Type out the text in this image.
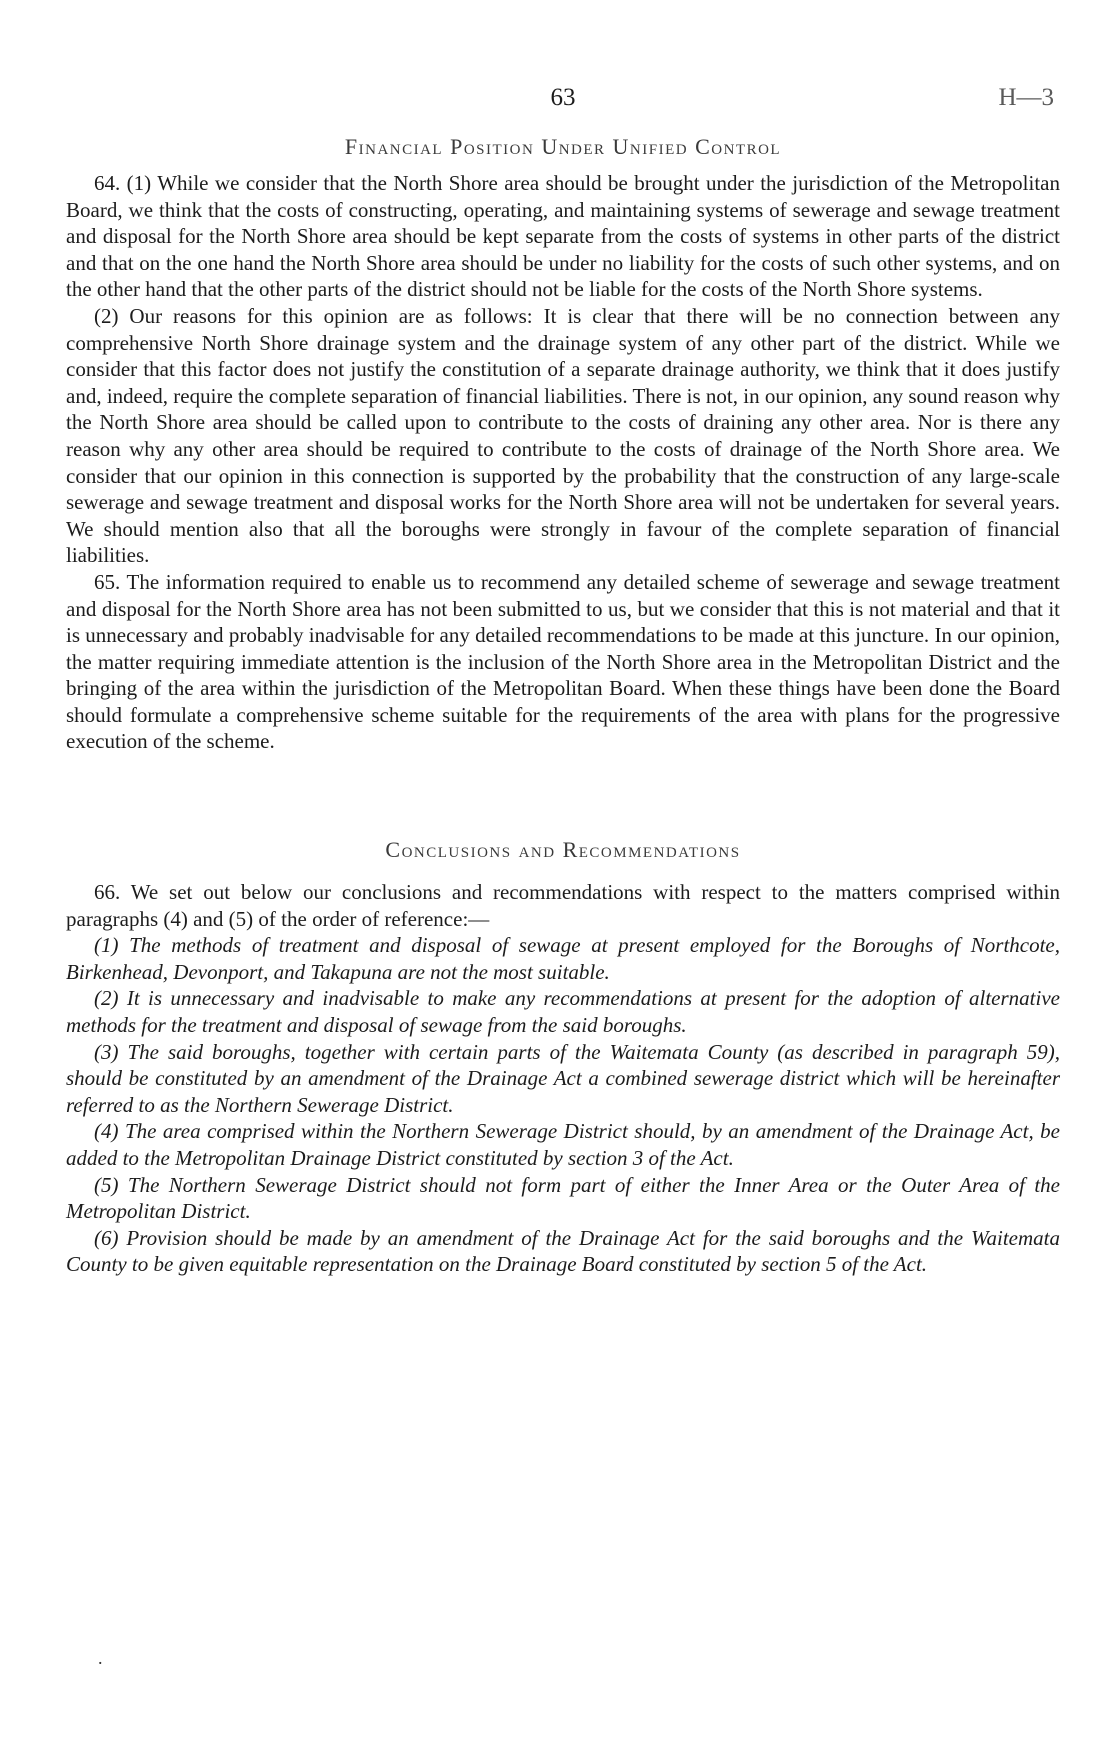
63	H—3
Financial Position Under Unified Control

64. (1) While we consider that the North Shore area should be brought under the jurisdiction of the Metropolitan Board, we think that the costs of constructing, operating, and maintaining systems of sewerage and sewage treatment and disposal for the North Shore area should be kept separate from the costs of systems in other parts of the district and that on the one hand the North Shore area should be under no liability for the costs of such other systems, and on the other hand that the other parts of the district should not be liable for the costs of the North Shore systems.

(2) Our reasons for this opinion are as follows: It is clear that there will be no connection between any comprehensive North Shore drainage system and the drainage system of any other part of the district. While we consider that this factor does not justify the constitution of a separate drainage authority, we think that it does justify and, indeed, require the complete separation of financial liabilities. There is not, in our opinion, any sound reason why the North Shore area should be called upon to contribute to the costs of draining any other area. Nor is there any reason why any other area should be required to contribute to the costs of drainage of the North Shore area. We consider that our opinion in this connection is supported by the probability that the construction of any large-scale sewerage and sewage treatment and disposal works for the North Shore area will not be undertaken for several years. We should mention also that all the boroughs were strongly in favour of the complete separation of financial liabilities.

65. The information required to enable us to recommend any detailed scheme of sewerage and sewage treatment and disposal for the North Shore area has not been submitted to us, but we consider that this is not material and that it is unnecessary and probably inadvisable for any detailed recommendations to be made at this juncture. In our opinion, the matter requiring immediate attention is the inclusion of the North Shore area in the Metropolitan District and the bringing of the area within the jurisdiction of the Metropolitan Board. When these things have been done the Board should formulate a comprehensive scheme suitable for the requirements of the area with plans for the progressive execution of the scheme.

Conclusions and Recommendations

66. We set out below our conclusions and recommendations with respect to the matters comprised within paragraphs (4) and (5) of the order of reference:—

(1) The methods of treatment and disposal of sewage at present employed for the Boroughs of Northcote, Birkenhead, Devonport, and Takapuna are not the most suitable.

(2) It is unnecessary and inadvisable to make any recommendations at present for the adoption of alternative methods for the treatment and disposal of sewage from the said boroughs.

(3) The said boroughs, together with certain parts of the Waitemata County (as described in paragraph 59), should be constituted by an amendment of the Drainage Act a combined sewerage district which will be hereinafter referred to as the Northern Sewerage District.

(4) The area comprised within the Northern Sewerage District should, by an amendment of the Drainage Act, be added to the Metropolitan Drainage District constituted by section 3 of the Act.

(5) The Northern Sewerage District should not form part of either the Inner Area or the Outer Area of the Metropolitan District.

(6) Provision should be made by an amendment of the Drainage Act for the said boroughs and the Waitemata County to be given equitable representation on the Drainage Board constituted by section 5 of the Act.

.
